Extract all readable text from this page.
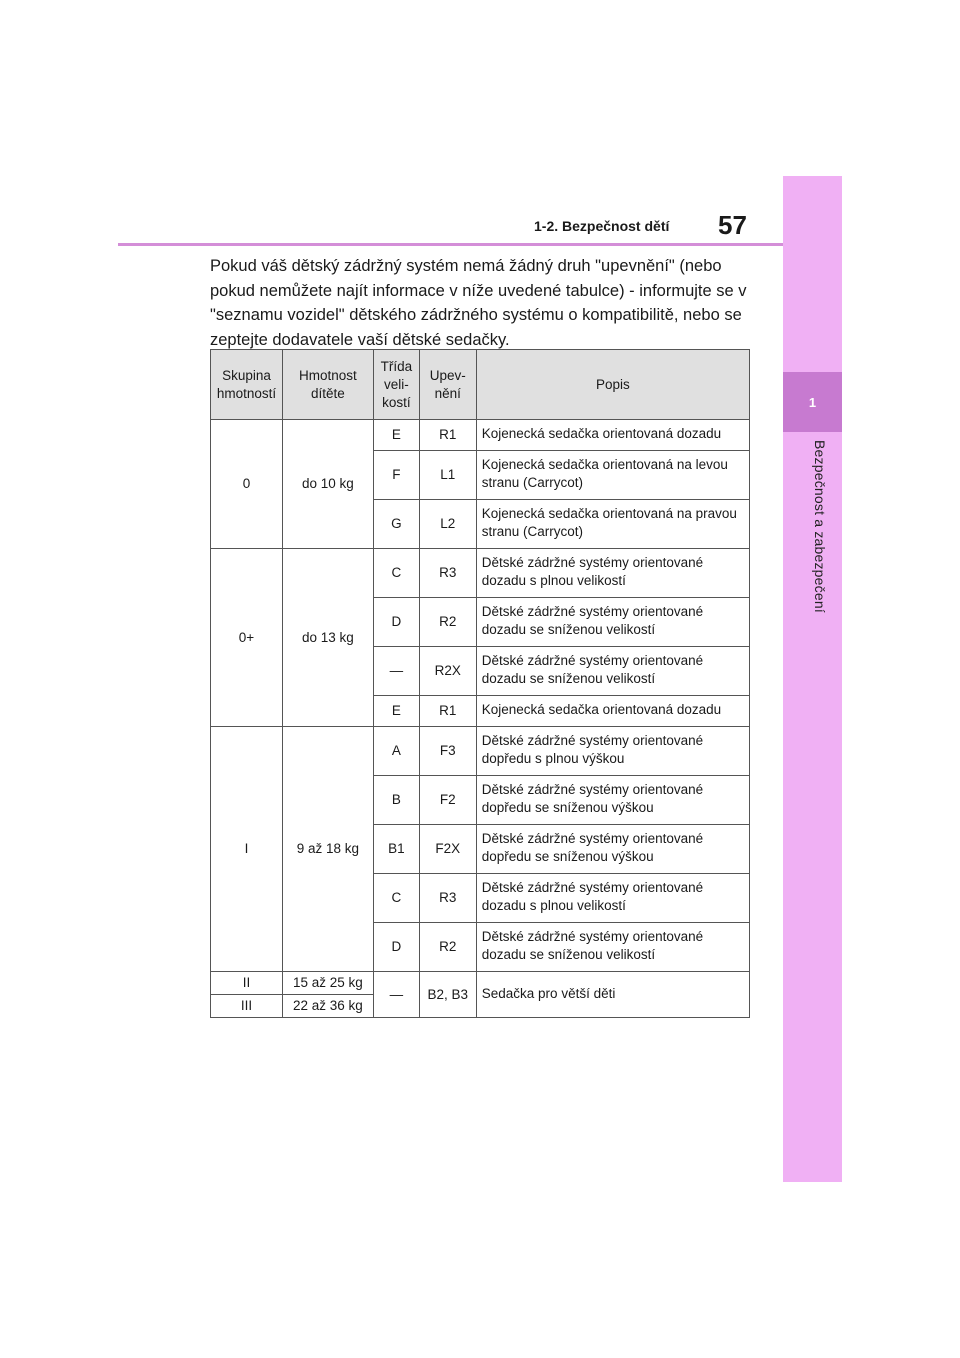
1
Bezpečnost a zabezpečení
1-2. Bezpečnost dětí 57

Pokud váš dětský zádržný systém nemá žádný druh "upevnění" (nebo pokud nemůžete najít informace v níže uvedené tabulce) - informujte se v "seznamu vozidel" dětského zádržného systému o kompatibilitě, nebo se zeptejte dodavatele vaší dětské sedačky.

Skupina hmotností	Hmotnost dítěte	Třída veli-kostí	Upev-nění	Popis
0	do 10 kg	E	R1	Kojenecká sedačka orientovaná dozadu
		F	L1	Kojenecká sedačka orientovaná na levou stranu (Carrycot)
		G	L2	Kojenecká sedačka orientovaná na pravou stranu (Carrycot)
0+	do 13 kg	C	R3	Dětské zádržné systémy orientované dozadu s plnou velikostí
		D	R2	Dětské zádržné systémy orientované dozadu se sníženou velikostí
		—	R2X	Dětské zádržné systémy orientované dozadu se sníženou velikostí
		E	R1	Kojenecká sedačka orientovaná dozadu
I	9 až 18 kg	A	F3	Dětské zádržné systémy orientované dopředu s plnou výškou
		B	F2	Dětské zádržné systémy orientované dopředu se sníženou výškou
		B1	F2X	Dětské zádržné systémy orientované dopředu se sníženou výškou
		C	R3	Dětské zádržné systémy orientované dozadu s plnou velikostí
		D	R2	Dětské zádržné systémy orientované dozadu se sníženou velikostí
II	15 až 25 kg	—	B2, B3	Sedačka pro větší děti
III	22 až 36 kg			
